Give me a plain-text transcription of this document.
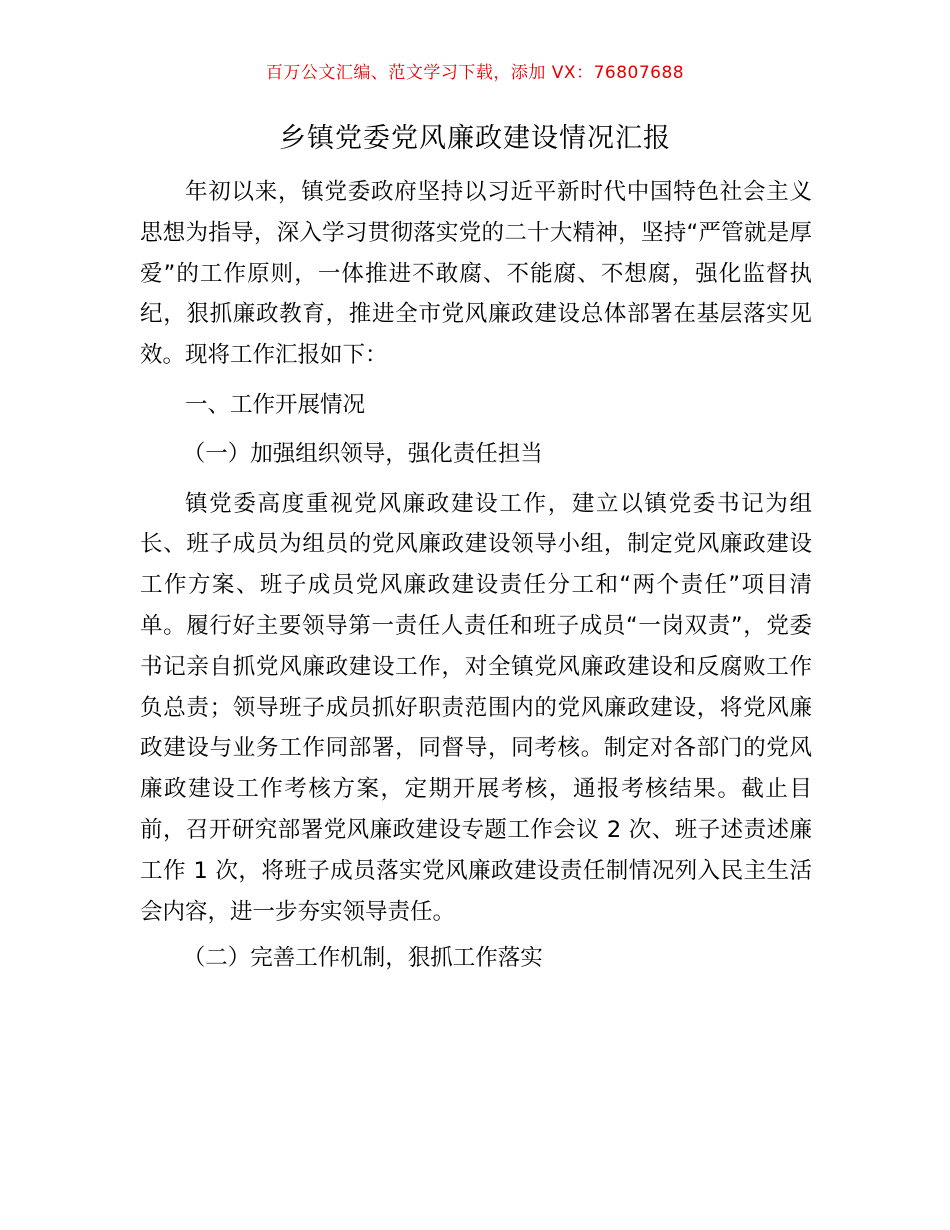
百万公文汇编、范文学习下载，添加 VX：76807688
乡镇党委党风廉政建设情况汇报

年初以来，镇党委政府坚持以习近平新时代中国特色社会主义思想为指导，深入学习贯彻落实党的二十大精神，坚持“严管就是厚爱”的工作原则，一体推进不敢腐、不能腐、不想腐，强化监督执纪，狠抓廉政教育，推进全市党风廉政建设总体部署在基层落实见效。现将工作汇报如下：

一、工作开展情况

（一）加强组织领导，强化责任担当

镇党委高度重视党风廉政建设工作，建立以镇党委书记为组长、班子成员为组员的党风廉政建设领导小组，制定党风廉政建设工作方案、班子成员党风廉政建设责任分工和“两个责任”项目清单。履行好主要领导第一责任人责任和班子成员“一岗双责”，党委书记亲自抓党风廉政建设工作，对全镇党风廉政建设和反腐败工作负总责；领导班子成员抓好职责范围内的党风廉政建设，将党风廉政建设与业务工作同部署，同督导，同考核。制定对各部门的党风廉政建设工作考核方案，定期开展考核，通报考核结果。截止目前，召开研究部署党风廉政建设专题工作会议 2 次、班子述责述廉工作 1 次，将班子成员落实党风廉政建设责任制情况列入民主生活会内容，进一步夯实领导责任。

（二）完善工作机制，狠抓工作落实
